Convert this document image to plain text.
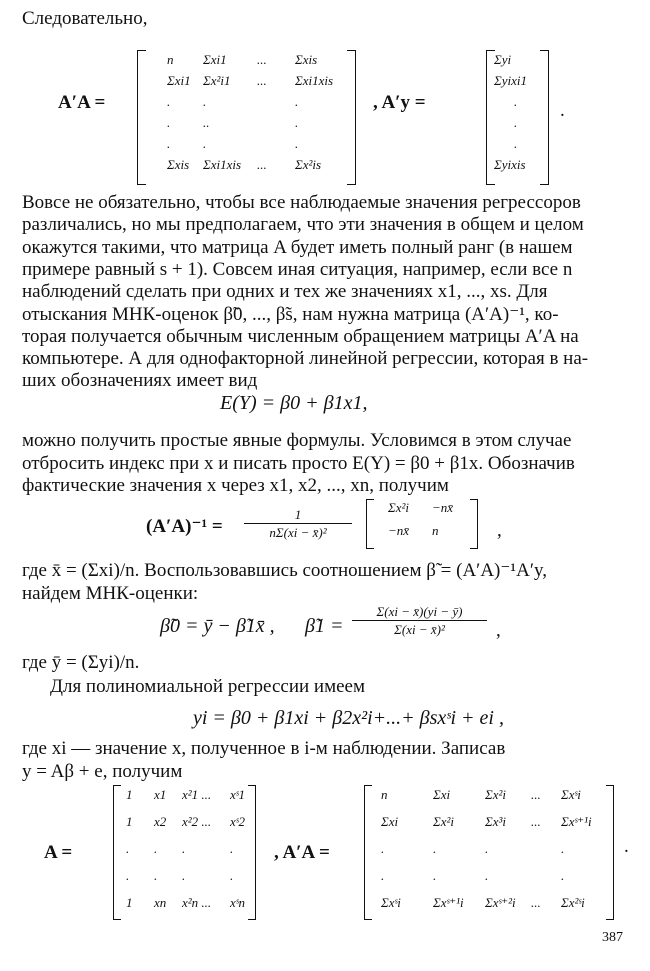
Следовательно,
A′A =
n Σxi1 ... Σxis
Σxi1 Σx²i1 ... Σxi1xis
.	.	.
.	..	.
.	.	.
Σxis Σxi1xis ... Σx²is
, A′y =
Σyi
Σyixi1
.
.
.
Σyixis
.
Вовсе не обязательно, чтобы все наблюдаемые значения регрессоров
различались, но мы предполагаем, что эти значения в общем и целом
окажутся такими, что матрица A будет иметь полный ранг (в нашем
примере равный s + 1). Совсем иная ситуация, например, если все n
наблюдений сделать при одних и тех же значениях x1, ..., xs. Для
отыскания МНК-оценок β̃0, ..., β̃s, нам нужна матрица (A′A)⁻¹, ко-
торая получается обычным численным обращением матрицы A′A на
компьютере. А для однофакторной линейной регрессии, которая в на-
ших обозначениях имеет вид
E(Y) = β0 + β1x1,
можно получить простые явные формулы. Условимся в этом случае
отбросить индекс при x и писать просто E(Y) = β0 + β1x. Обозначив
фактические значения x через x1, x2, ..., xn, получим
$(A'A)^{-1} = \frac{1}{\text{nΣ(xi − x̄)²}}$	Σx²i −nx̄
−nx̄ n	,
где x̄ = (Σxi)/n. Воспользовавшись соотношением β̃ = (A′A)⁻¹A′y,
найдем МНК-оценки:
β̃0 = ȳ − β̃1x̄ , β̃1 = $\frac{\Sigma(xi - x̄)(yi - ȳ)}{\text{Σ(xi − x̄)²}}$ ,
где ȳ = (Σyi)/n.
Для полиномиальной регрессии имеем
yi = β0 + β1xi + β2x²i+...+ βsxˢi + ei ,
где xi — значение x, полученное в i-м наблюдении. Записав
y = Aβ + e, получим
A =
1 x1 x²1 ... xˢ1
1 x2 x²2 ... xˢ2
. . .	.
. . .	.
1 xn x²n ... xˢn
, A′A =
n	Σxi	Σx²i ... Σxˢi
Σxi	Σx²i Σx³i ... Σxˢ⁺¹i
.	.	.	.
.	.	.	.
Σxˢi Σxˢ⁺¹i Σxˢ⁺²i ... Σx²ˢi
.
387
